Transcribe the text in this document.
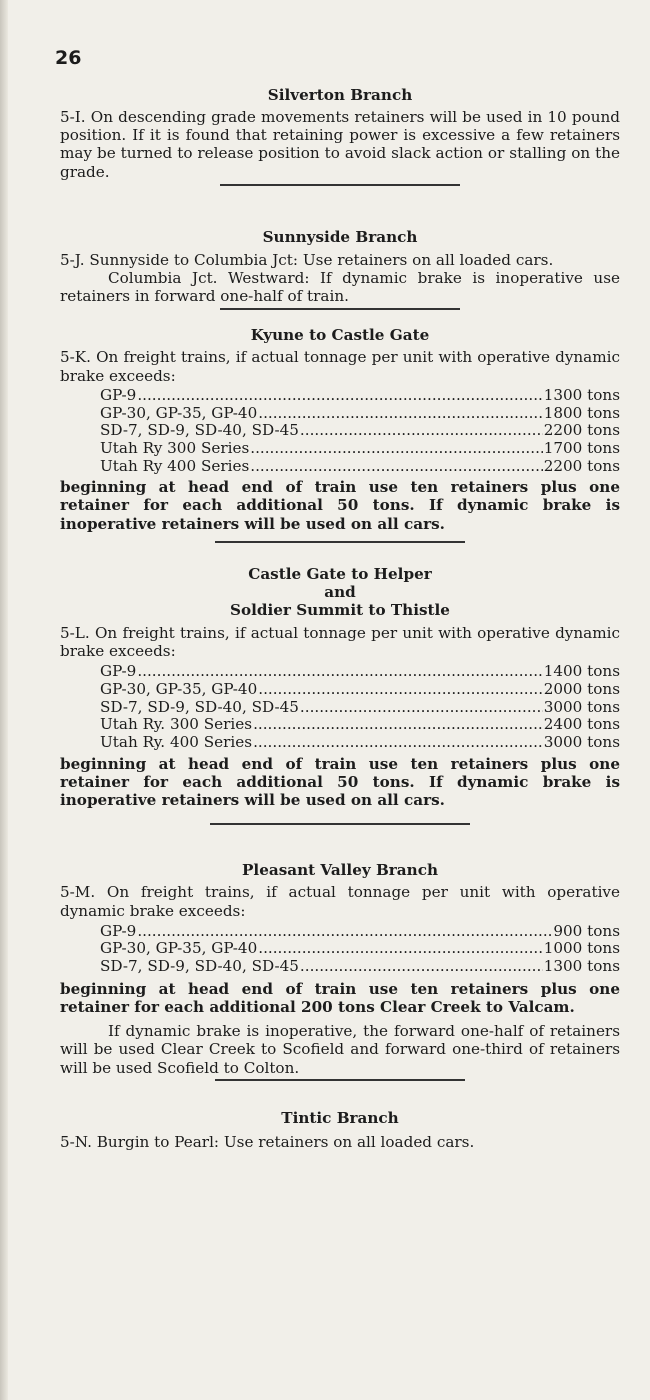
26
Silverton Branch

5-I. On descending grade movements retainers will be used in 10 pound position. If it is found that retaining power is excessive a few retainers may be turned to release position to avoid slack action or stalling on the grade.

Sunnyside Branch

5-J. Sunnyside to Columbia Jct: Use retainers on all loaded cars.

Columbia Jct. Westward: If dynamic brake is inoperative use retainers in forward one-half of train.

Kyune to Castle Gate

5-K. On freight trains, if actual tonnage per unit with operative dynamic brake exceeds:

GP-9 .....	1300 tons
GP-30, GP-35, GP-40 .....	1800 tons
SD-7, SD-9, SD-40, SD-45 .....	2200 tons
Utah Ry 300 Series .....	1700 tons
Utah Ry 400 Series .....	2200 tons

beginning at head end of train use ten retainers plus one retainer for each additional 50 tons. If dynamic brake is inoperative retainers will be used on all cars.

Castle Gate to Helper
and
Soldier Summit to Thistle

5-L. On freight trains, if actual tonnage per unit with operative dynamic brake exceeds:

GP-9 .....	1400 tons
GP-30, GP-35, GP-40 .....	2000 tons
SD-7, SD-9, SD-40, SD-45 .....	3000 tons
Utah Ry. 300 Series .....	2400 tons
Utah Ry. 400 Series .....	3000 tons

beginning at head end of train use ten retainers plus one retainer for each additional 50 tons. If dynamic brake is inoperative retainers will be used on all cars.

Pleasant Valley Branch

5-M. On freight trains, if actual tonnage per unit with operative dynamic brake exceeds:

GP-9 .....	900 tons
GP-30, GP-35, GP-40 .....	1000 tons
SD-7, SD-9, SD-40, SD-45 .....	1300 tons

beginning at head end of train use ten retainers plus one retainer for each additional 200 tons Clear Creek to Valcam.

If dynamic brake is inoperative, the forward one-half of retainers will be used Clear Creek to Scofield and forward one-third of retainers will be used Scofield to Colton.

Tintic Branch

5-N. Burgin to Pearl: Use retainers on all loaded cars.
